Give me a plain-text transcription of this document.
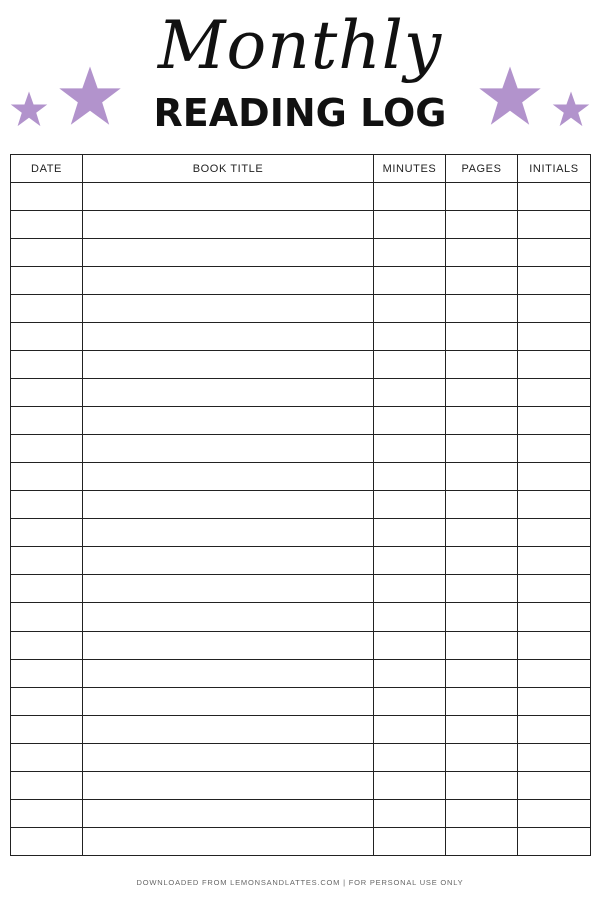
Monthly
READING LOG
DATE	BOOK TITLE	MINUTES	PAGES	INITIALS

DOWNLOADED FROM LEMONSANDLATTES.COM | FOR PERSONAL USE ONLY
